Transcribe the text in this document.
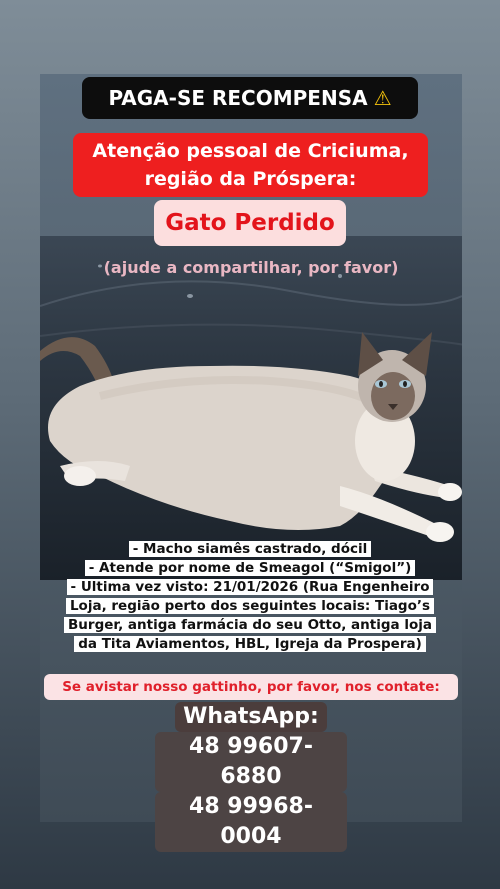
PAGA-SE RECOMPENSA ⚠
Atenção pessoal de Criciuma,
região da Próspera:
Gato Perdido
(ajude a compartilhar, por favor)
- Macho siamês castrado, dócil
- Atende por nome de Smeagol (“Smigol”)
- Ultima vez visto: 21/01/2026 (Rua Engenheiro
Loja, região perto dos seguintes locais: Tiago’s
Burger, antiga farmácia do seu Otto, antiga loja
da Tita Aviamentos, HBL, Igreja da Prospera)
Se avistar nosso gattinho, por favor, nos contate:
WhatsApp:
48 99607-6880
48 99968-0004
